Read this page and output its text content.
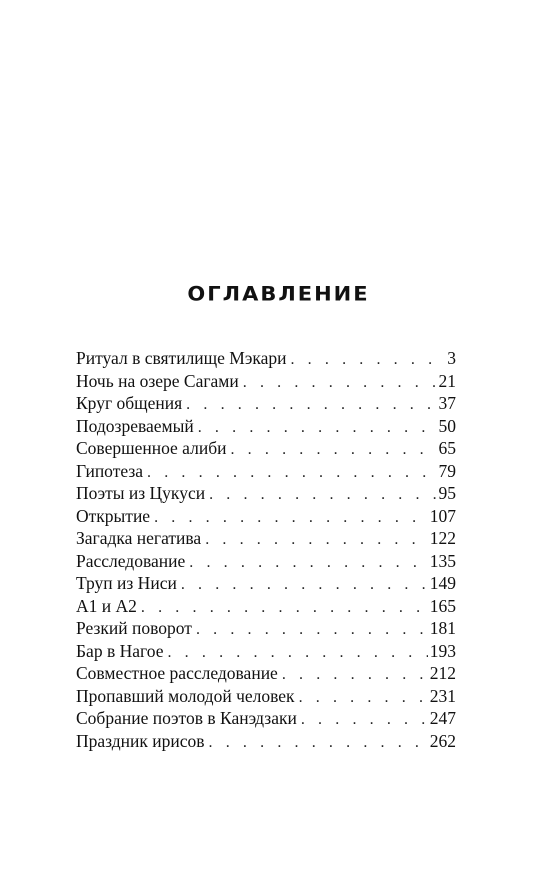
ОГЛАВЛЕНИЕ
Ритуал в святилище Мэкари . . .	3
Ночь на озере Сагами . . .	21
Круг общения . . .	37
Подозреваемый . . .	50
Совершенное алиби . . .	65
Гипотеза . . .	79
Поэты из Цукуси . . .	95
Открытие . . .	107
Загадка негатива . . .	122
Расследование . . .	135
Труп из Ниси . . .	149
А1 и А2 . . .	165
Резкий поворот . . .	181
Бар в Нагое . . .	193
Совместное расследование . . .	212
Пропавший молодой человек . . .	231
Собрание поэтов в Канэдзаки . . .	247
Праздник ирисов . . .	262
